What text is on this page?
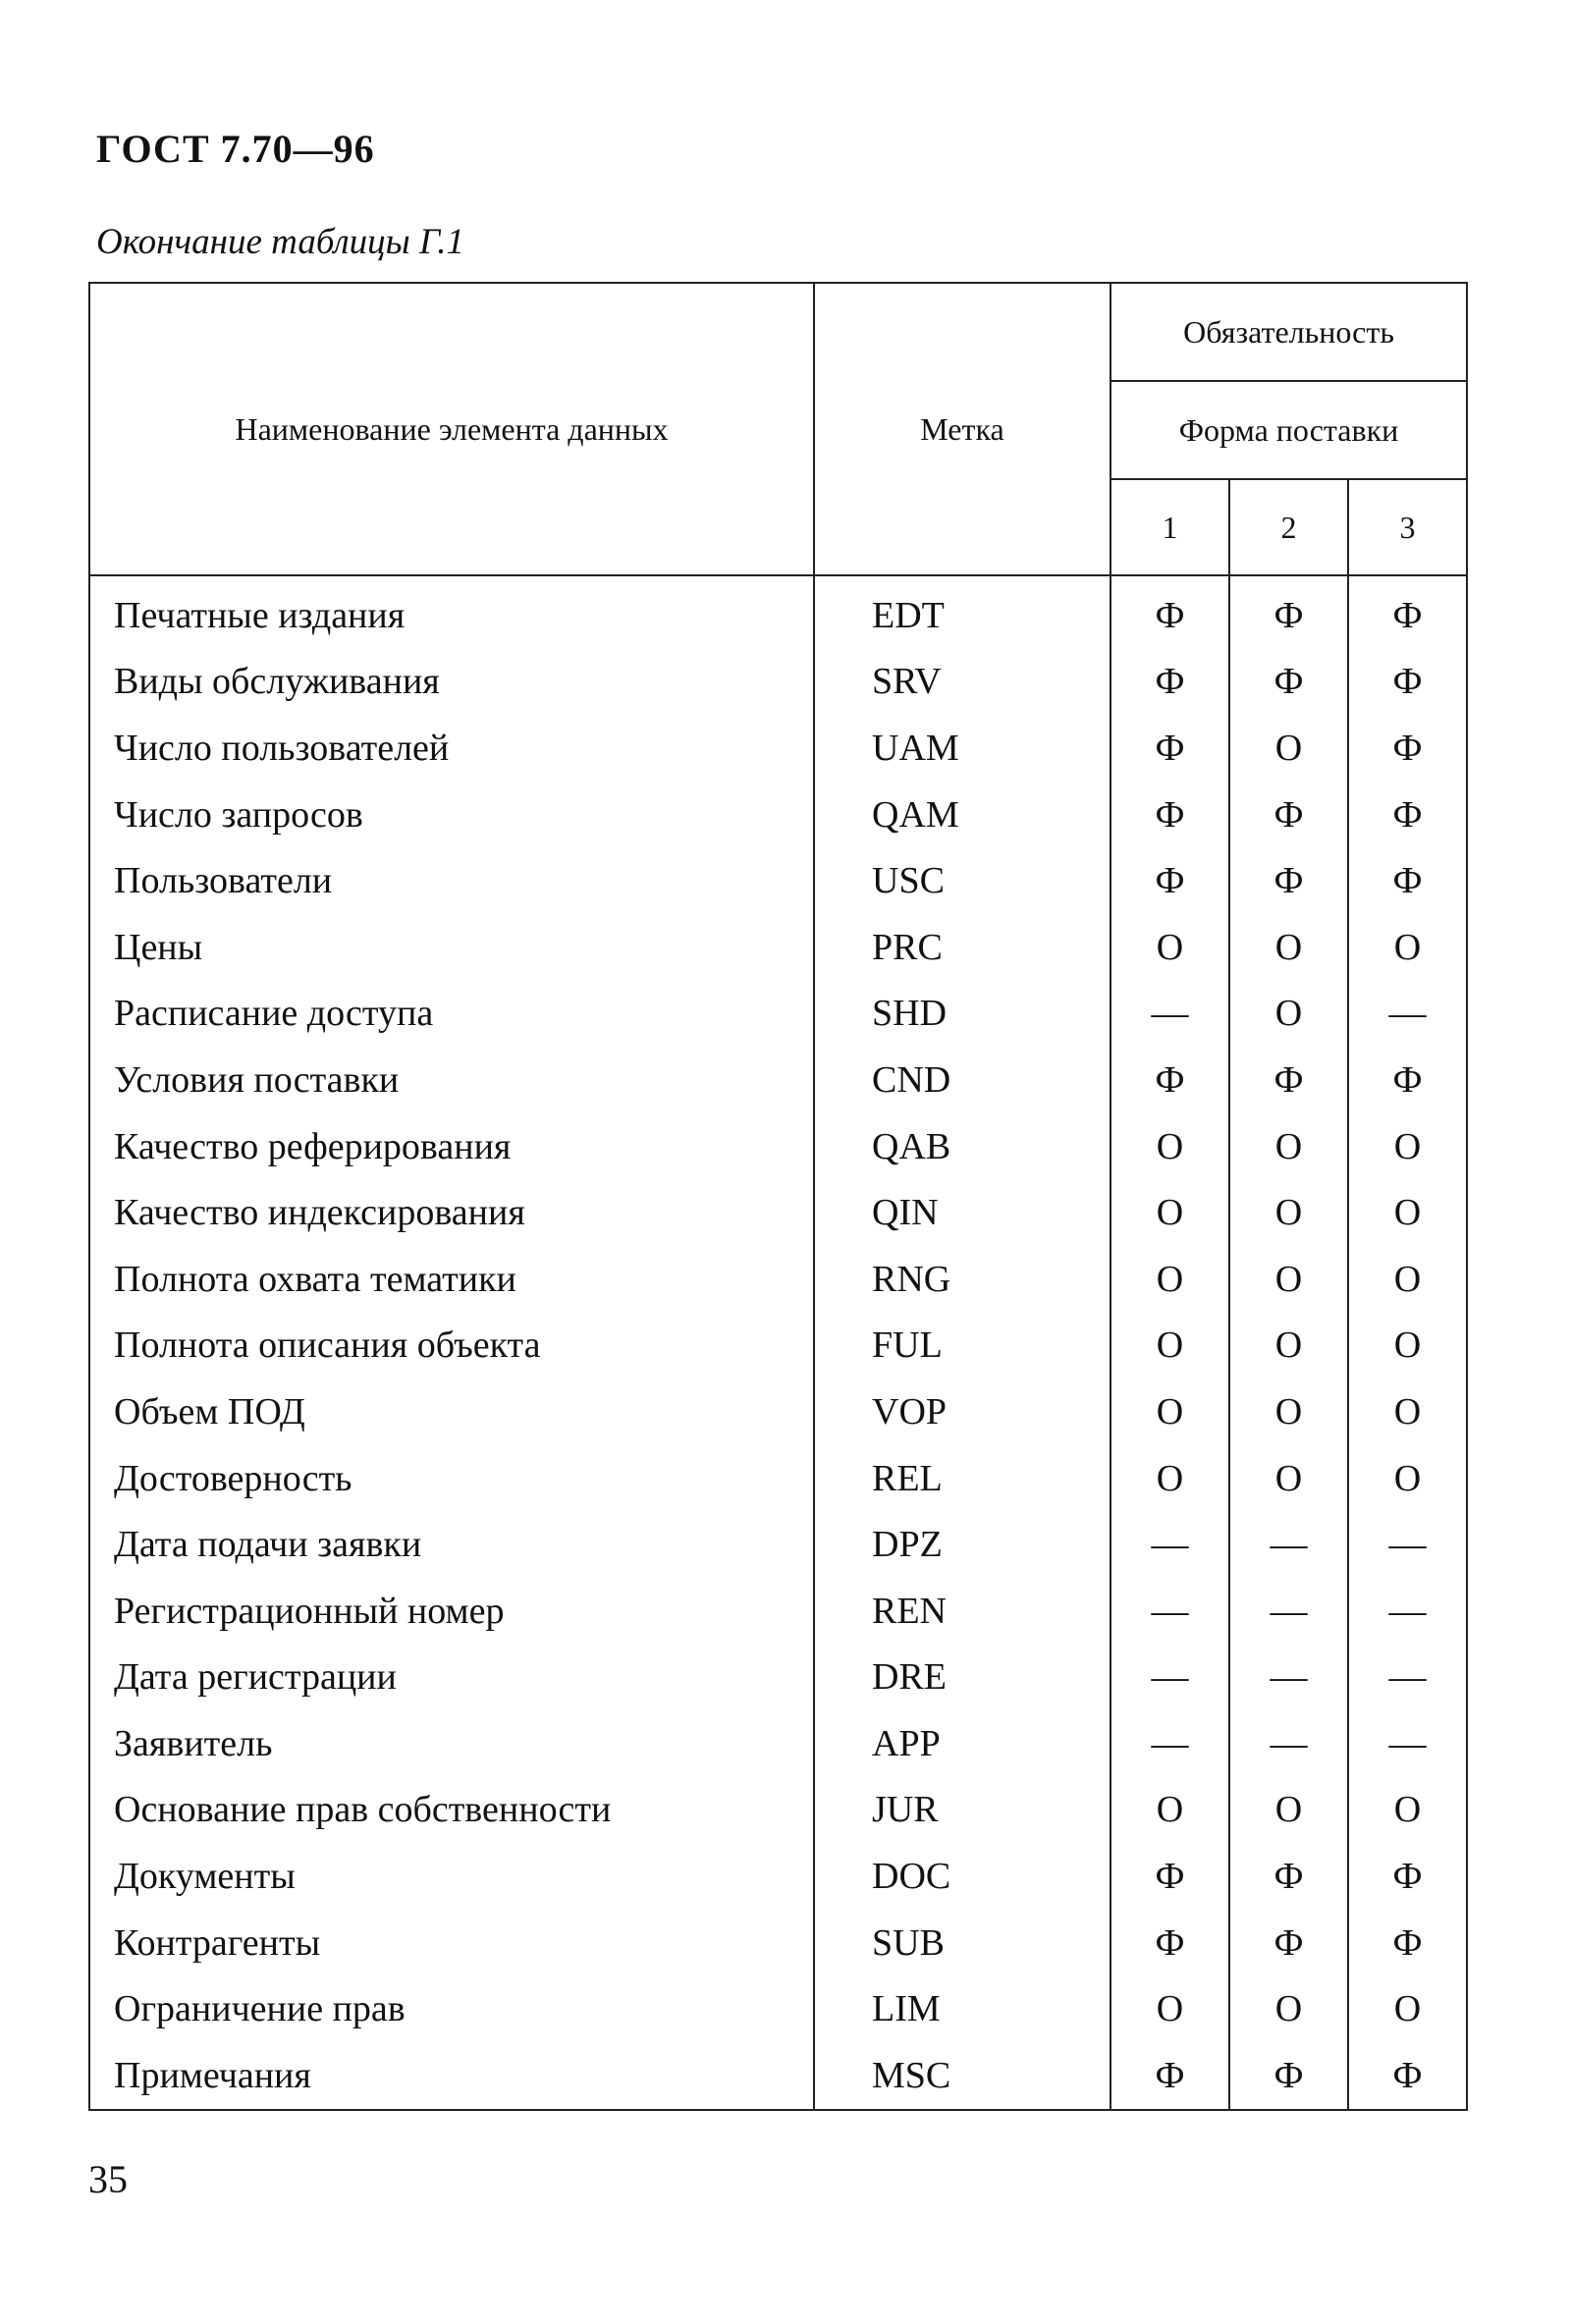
ГОСТ 7.70—96
Окончание таблицы Г.1
Наименование элемента данных	Метка	Обязательность		
		Форма поставки		
		1	2	3
Печатные издания	EDT	Ф	Ф	Ф
Виды обслуживания	SRV	Ф	Ф	Ф
Число пользователей	UAM	Ф	О	Ф
Число запросов	QAM	Ф	Ф	Ф
Пользователи	USC	Ф	Ф	Ф
Цены	PRC	О	О	О
Расписание доступа	SHD	—	О	—
Условия поставки	CND	Ф	Ф	Ф
Качество реферирования	QAB	О	О	О
Качество индексирования	QIN	О	О	О
Полнота охвата тематики	RNG	О	О	О
Полнота описания объекта	FUL	О	О	О
Объем ПОД	VOP	О	О	О
Достоверность	REL	О	О	О
Дата подачи заявки	DPZ	—	—	—
Регистрационный номер	REN	—	—	—
Дата регистрации	DRE	—	—	—
Заявитель	APP	—	—	—
Основание прав собственности	JUR	О	О	О
Документы	DOC	Ф	Ф	Ф
Контрагенты	SUB	Ф	Ф	Ф
Ограничение прав	LIM	О	О	О
Примечания	MSC	Ф	Ф	Ф
35
